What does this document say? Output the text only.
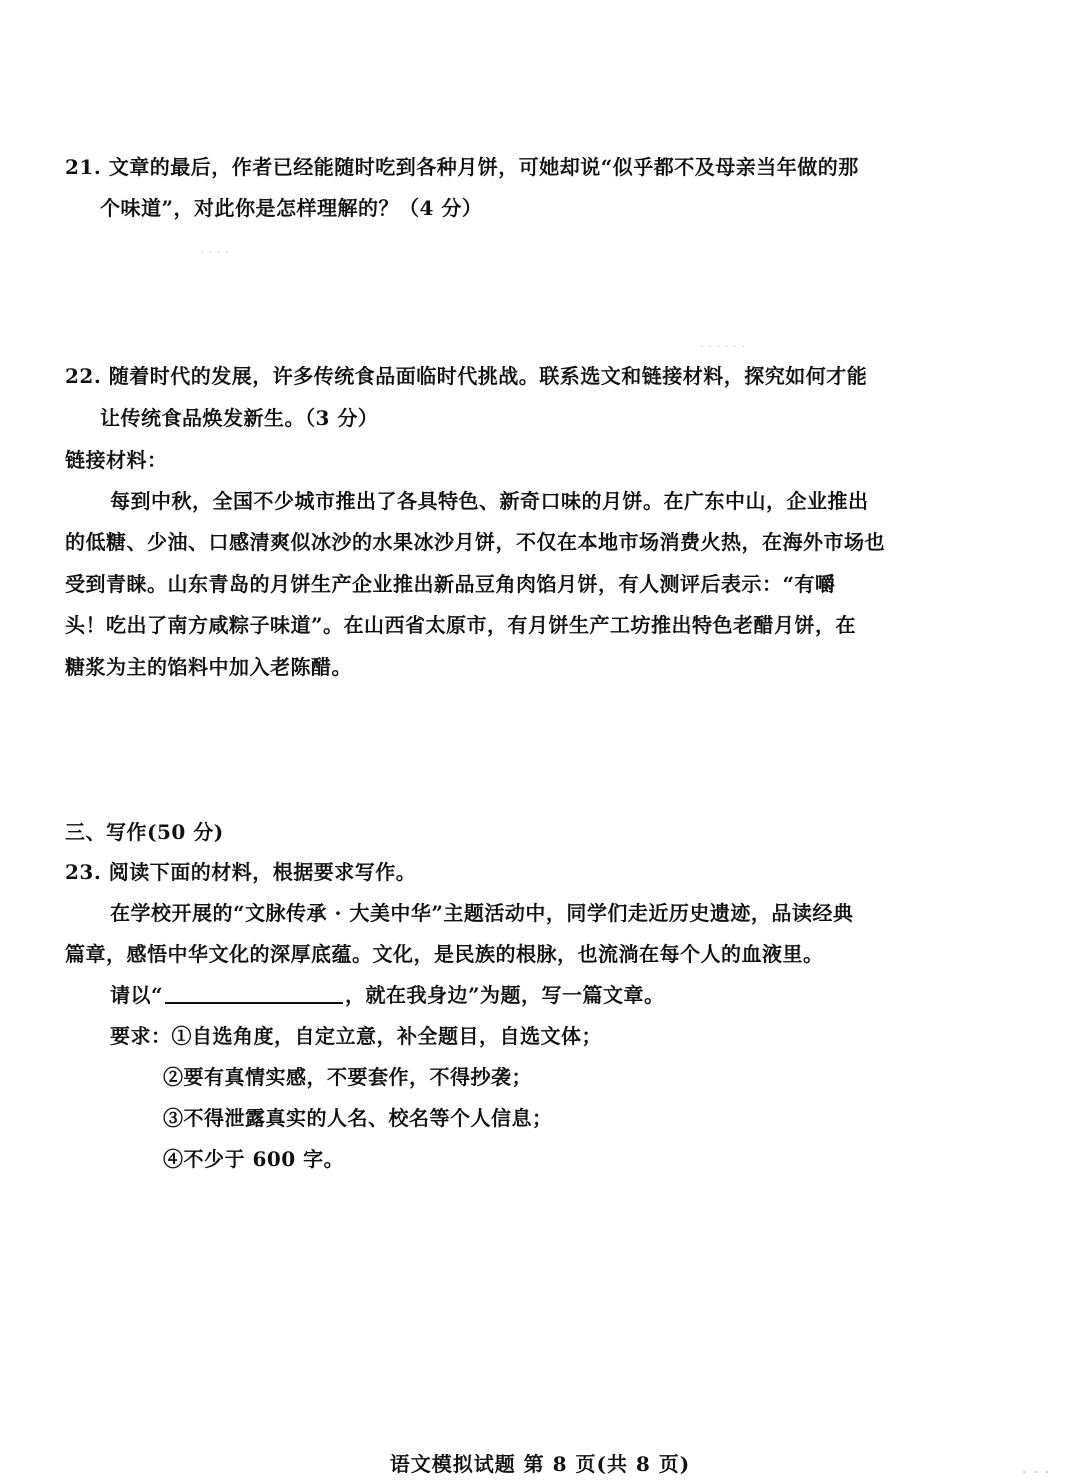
. . . .
. . . . . .
21. 文章的最后，作者已经能随时吃到各种月饼，可她却说“似乎都不及母亲当年做的那
个味道”，对此你是怎样理解的？（4 分）
22. 随着时代的发展，许多传统食品面临时代挑战。联系选文和链接材料，探究如何才能
让传统食品焕发新生。（3 分）
链接材料：
每到中秋，全国不少城市推出了各具特色、新奇口味的月饼。在广东中山，企业推出
的低糖、少油、口感清爽似冰沙的水果冰沙月饼，不仅在本地市场消费火热，在海外市场也
受到青睐。山东青岛的月饼生产企业推出新品豆角肉馅月饼，有人测评后表示：“有嚼
头！吃出了南方咸粽子味道”。在山西省太原市，有月饼生产工坊推出特色老醋月饼，在
糖浆为主的馅料中加入老陈醋。
三、写作(50 分)
23. 阅读下面的材料，根据要求写作。
在学校开展的“文脉传承 · 大美中华”主题活动中，同学们走近历史遗迹，品读经典
篇章，感悟中华文化的深厚底蕴。文化，是民族的根脉，也流淌在每个人的血液里。
请以“	，就在我身边”为题，写一篇文章。
要求：①自选角度，自定立意，补全题目，自选文体；
②要有真情实感，不要套作，不得抄袭；
③不得泄露真实的人名、校名等个人信息；
④不少于 600 字。
语文模拟试题 第 8 页(共 8 页)	· · ·
